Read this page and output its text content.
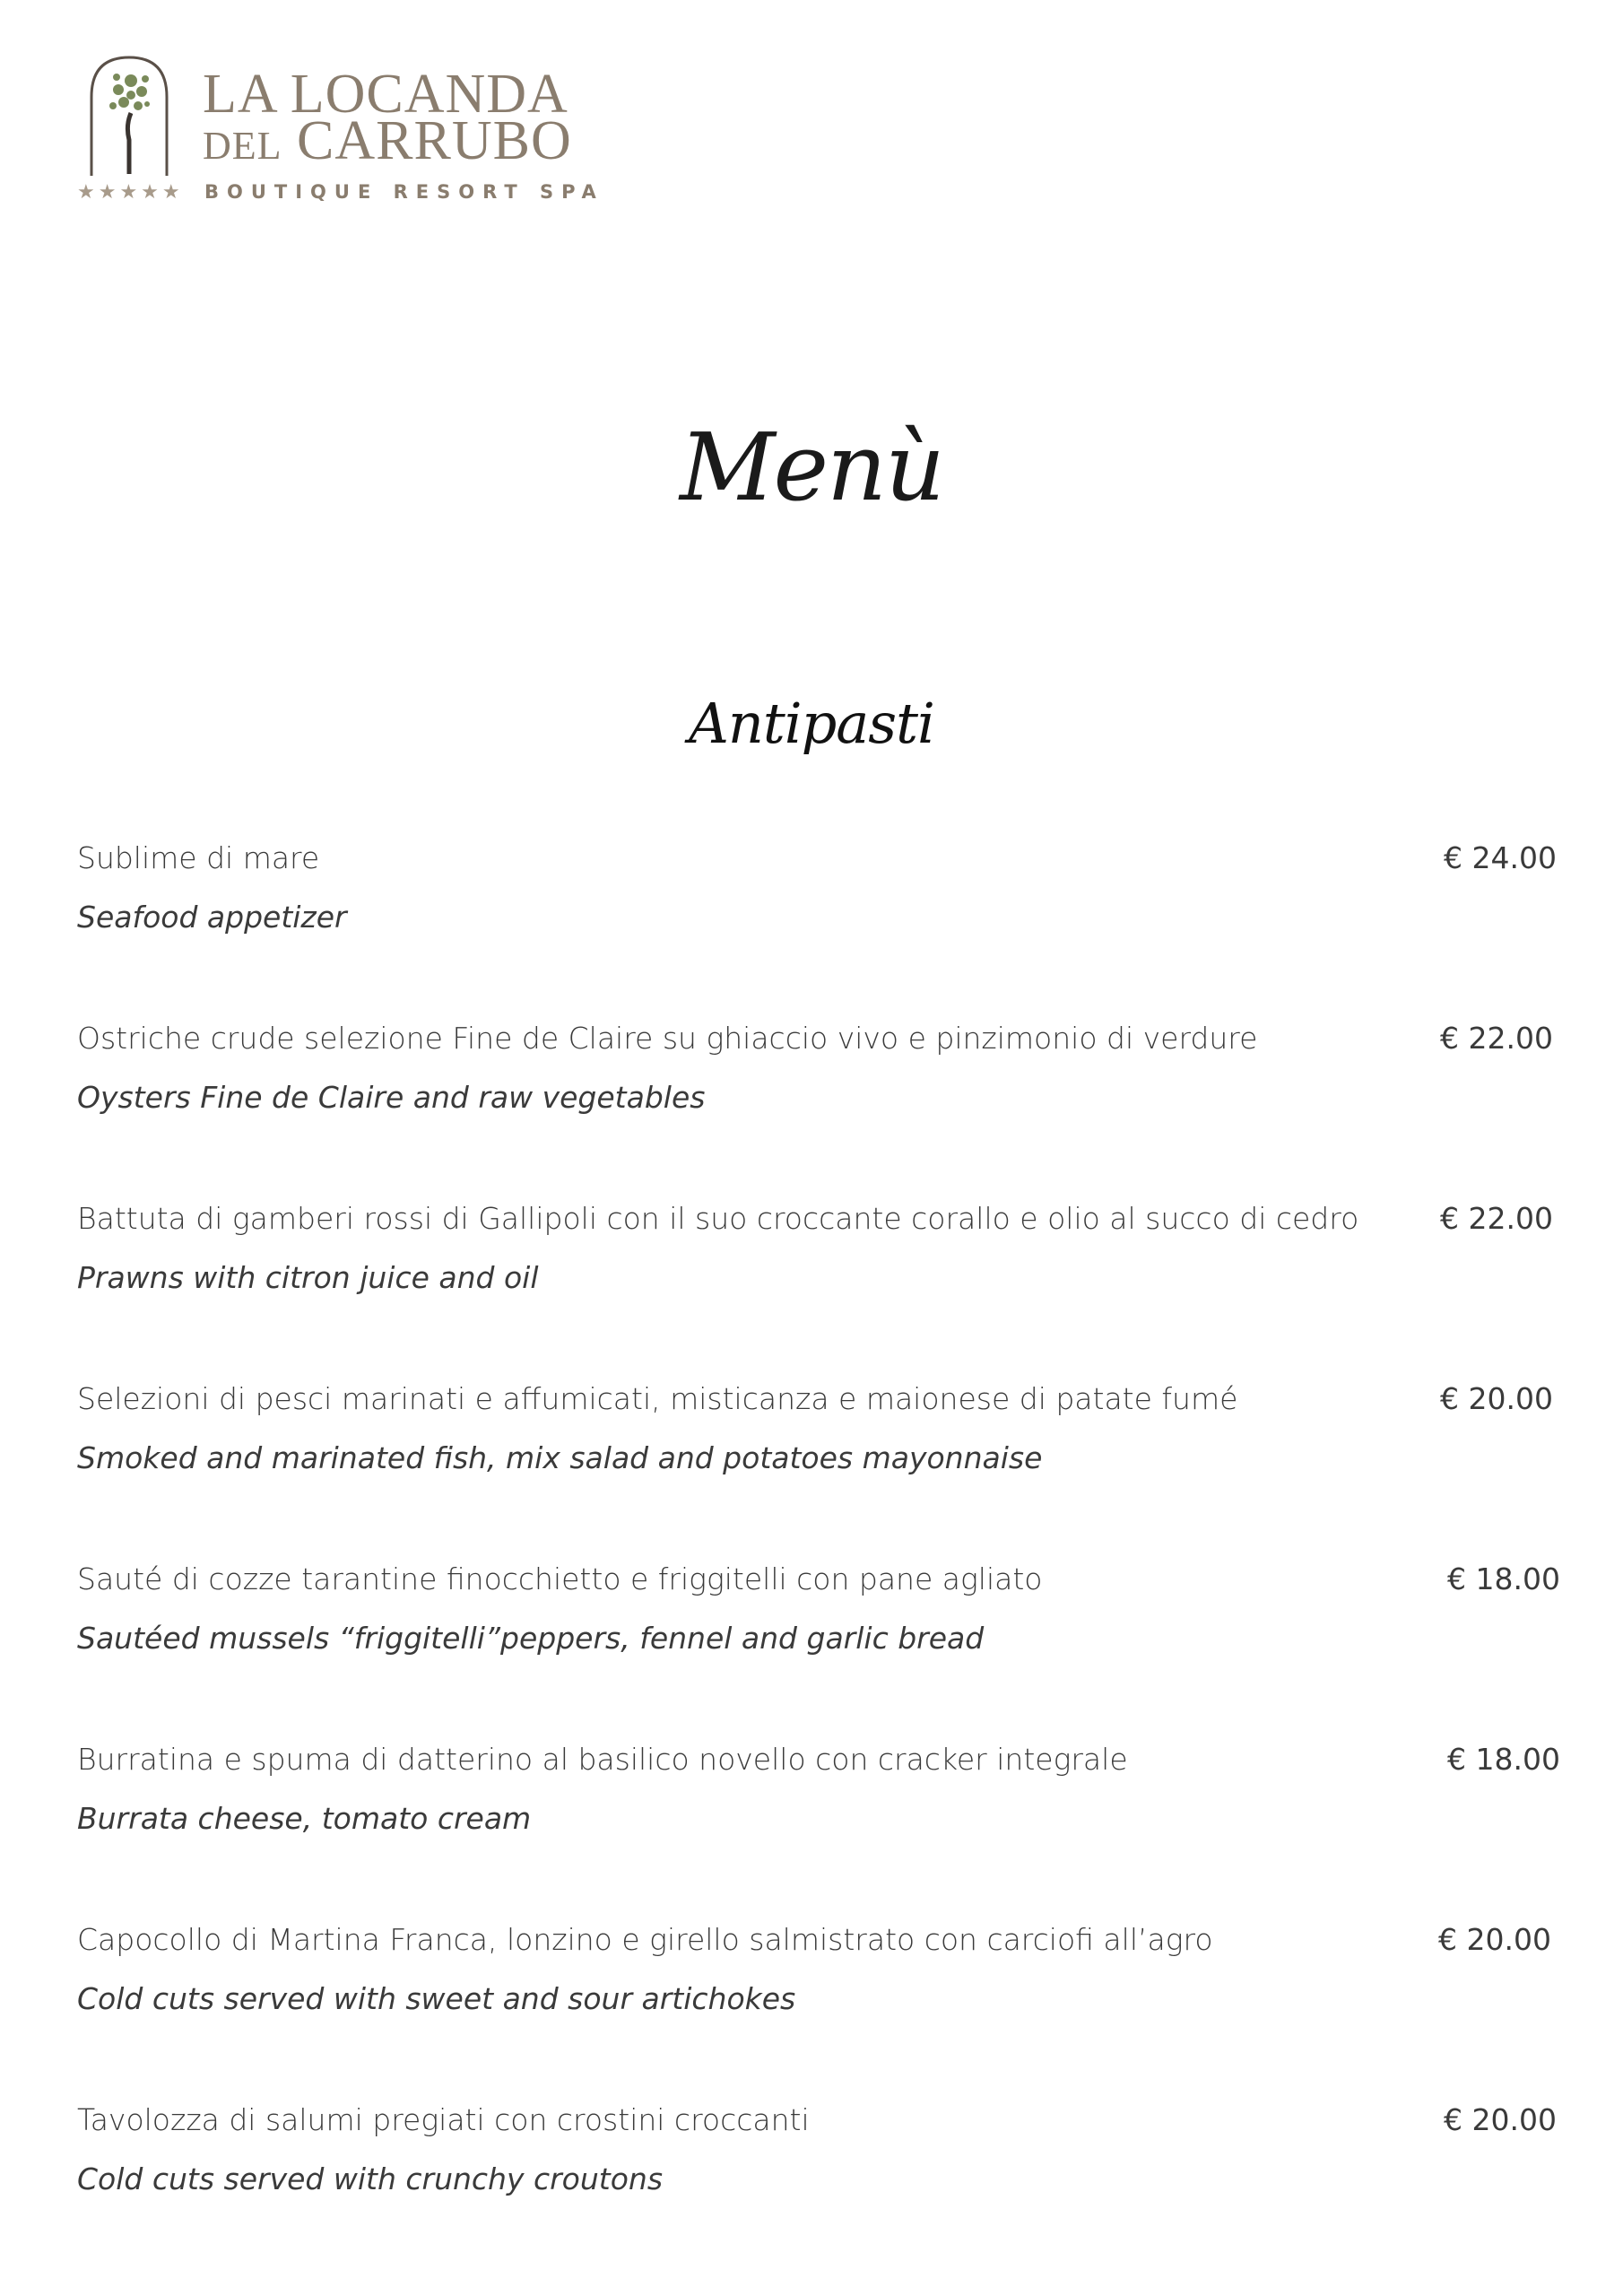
LA LOCANDA
DEL CARRUBO
★★★★★ BOUTIQUE RESORT SPA
Menù
Antipasti
Sublime di mare
Seafood appetizer
€ 24.00
Ostriche crude selezione Fine de Claire su ghiaccio vivo e pinzimonio di verdure
Oysters Fine de Claire and raw vegetables
€ 22.00
Battuta di gamberi rossi di Gallipoli con il suo croccante corallo e olio al succo di cedro
Prawns with citron juice and oil
€ 22.00
Selezioni di pesci marinati e affumicati, misticanza e maionese di patate fumé
Smoked and marinated fish, mix salad and potatoes mayonnaise
€ 20.00
Sauté di cozze tarantine finocchietto e friggitelli con pane agliato
Sautéed mussels “friggitelli”peppers, fennel and garlic bread
€ 18.00
Burratina e spuma di datterino al basilico novello con cracker integrale
Burrata cheese, tomato cream
€ 18.00
Capocollo di Martina Franca, lonzino e girello salmistrato con carciofi all’agro
Cold cuts served with sweet and sour artichokes
€ 20.00
Tavolozza di salumi pregiati con crostini croccanti
Cold cuts served with crunchy croutons
€ 20.00
